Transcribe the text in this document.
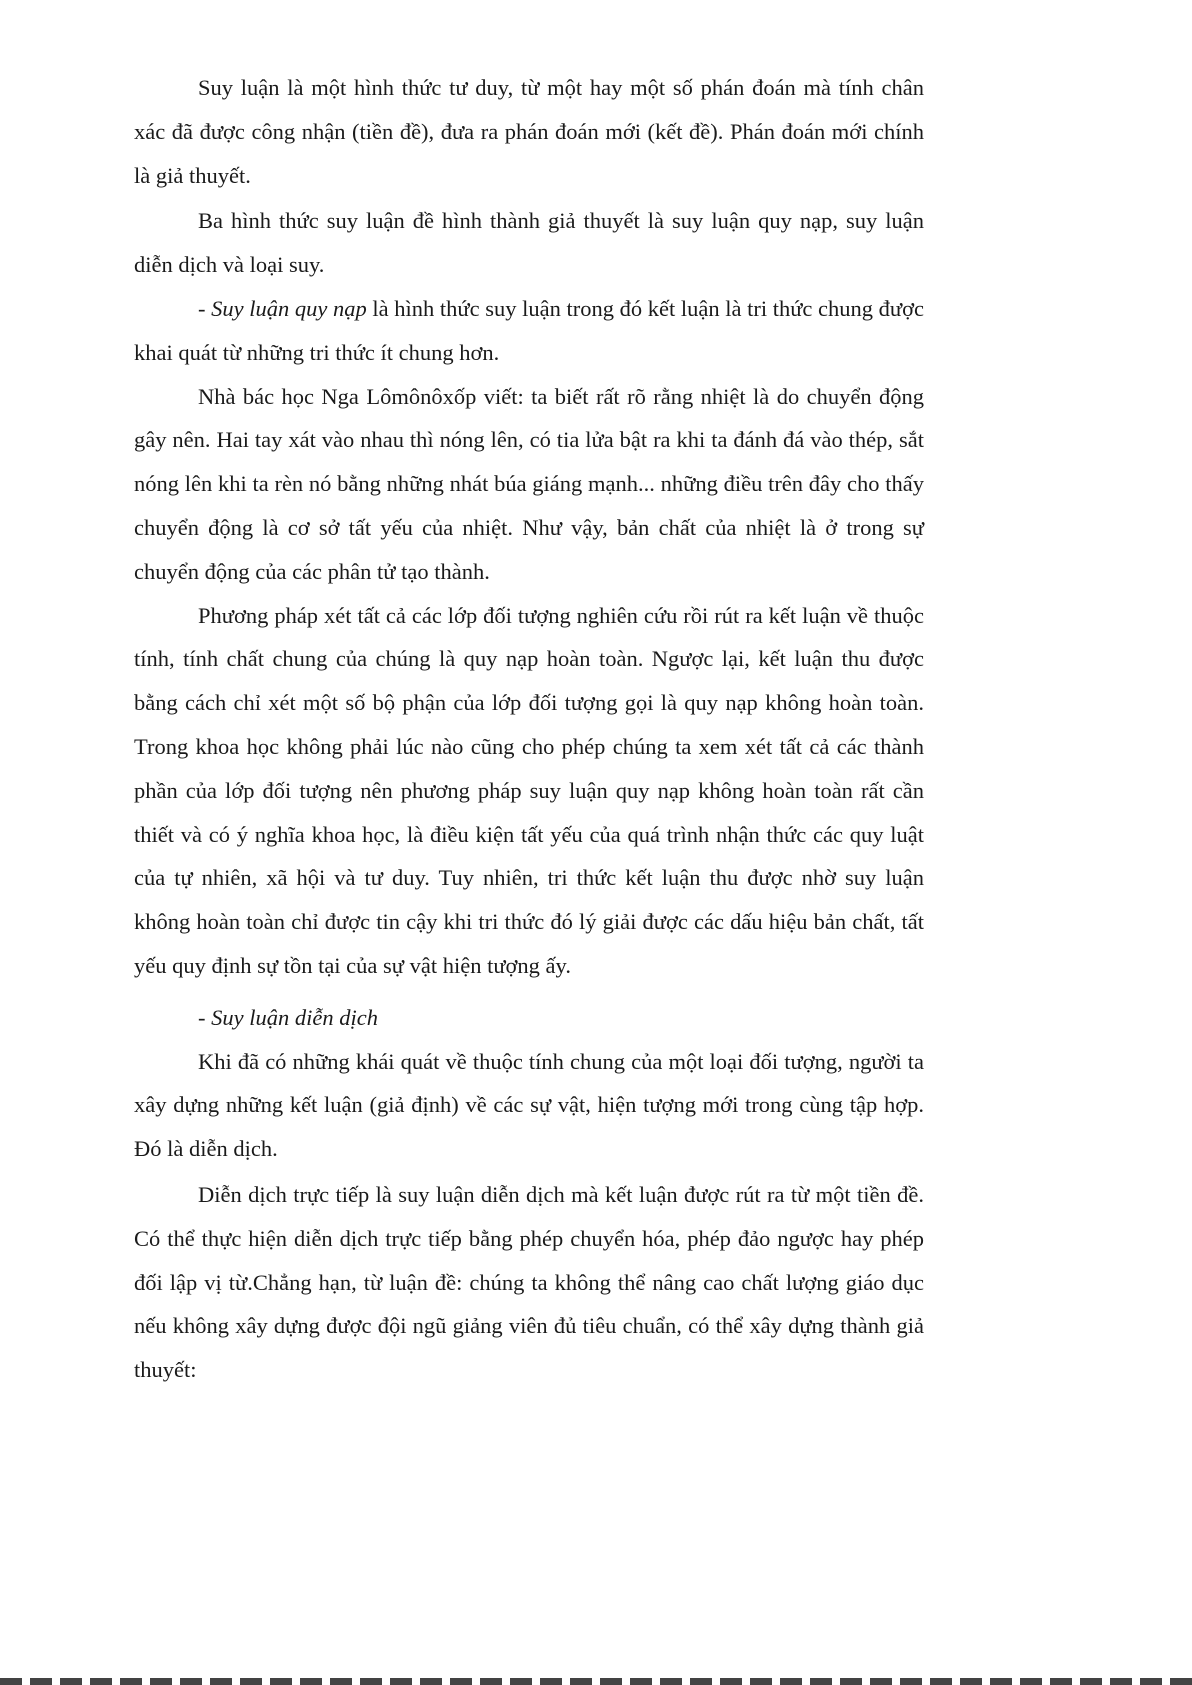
Suy luận là một hình thức tư duy, từ một hay một số phán đoán mà tính chân xác đã được công nhận (tiền đề), đưa ra phán đoán mới (kết đề). Phán đoán mới chính là giả thuyết.

Ba hình thức suy luận đề hình thành giả thuyết là suy luận quy nạp, suy luận diễn dịch và loại suy.

- Suy luận quy nạp là hình thức suy luận trong đó kết luận là tri thức chung được khai quát từ những tri thức ít chung hơn.

Nhà bác học Nga Lômônôxốp viết: ta biết rất rõ rằng nhiệt là do chuyển động gây nên. Hai tay xát vào nhau thì nóng lên, có tia lửa bật ra khi ta đánh đá vào thép, sắt nóng lên khi ta rèn nó bằng những nhát búa giáng mạnh... những điều trên đây cho thấy chuyển động là cơ sở tất yếu của nhiệt. Như vậy, bản chất của nhiệt là ở trong sự chuyển động của các phân tử tạo thành.

Phương pháp xét tất cả các lớp đối tượng nghiên cứu rồi rút ra kết luận về thuộc tính, tính chất chung của chúng là quy nạp hoàn toàn. Ngược lại, kết luận thu được bằng cách chỉ xét một số bộ phận của lớp đối tượng gọi là quy nạp không hoàn toàn. Trong khoa học không phải lúc nào cũng cho phép chúng ta xem xét tất cả các thành phần của lớp đối tượng nên phương pháp suy luận quy nạp không hoàn toàn rất cần thiết và có ý nghĩa khoa học, là điều kiện tất yếu của quá trình nhận thức các quy luật của tự nhiên, xã hội và tư duy. Tuy nhiên, tri thức kết luận thu được nhờ suy luận không hoàn toàn chỉ được tin cậy khi tri thức đó lý giải được các dấu hiệu bản chất, tất yếu quy định sự tồn tại của sự vật hiện tượng ấy.

- Suy luận diễn dịch

Khi đã có những khái quát về thuộc tính chung của một loại đối tượng, người ta xây dựng những kết luận (giả định) về các sự vật, hiện tượng mới trong cùng tập hợp. Đó là diễn dịch.

Diễn dịch trực tiếp là suy luận diễn dịch mà kết luận được rút ra từ một tiền đề. Có thể thực hiện diễn dịch trực tiếp bằng phép chuyển hóa, phép đảo ngược hay phép đối lập vị từ.Chẳng hạn, từ luận đề: chúng ta không thể nâng cao chất lượng giáo dục nếu không xây dựng được đội ngũ giảng viên đủ tiêu chuẩn, có thể xây dựng thành giả thuyết:
